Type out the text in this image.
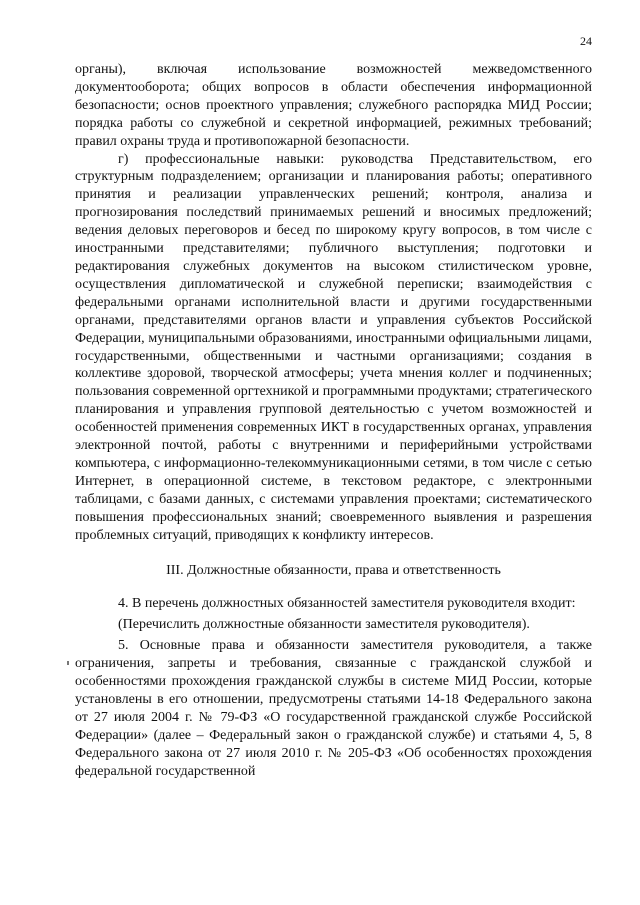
24

органы), включая использование возможностей межведомственного документооборота; общих вопросов в области обеспечения информационной безопасности; основ проектного управления; служебного распорядка МИД России; порядка работы со служебной и секретной информацией, режимных требований; правил охраны труда и противопожарной безопасности.

г) профессиональные навыки: руководства Представительством, его структурным подразделением; организации и планирования работы; оперативного принятия и реализации управленческих решений; контроля, анализа и прогнозирования последствий принимаемых решений и вносимых предложений; ведения деловых переговоров и бесед по широкому кругу вопросов, в том числе с иностранными представителями; публичного выступления; подготовки и редактирования служебных документов на высоком стилистическом уровне, осуществления дипломатической и служебной переписки; взаимодействия с федеральными органами исполнительной власти и другими государственными органами, представителями органов власти и управления субъектов Российской Федерации, муниципальными образованиями, иностранными официальными лицами, государственными, общественными и частными организациями; создания в коллективе здоровой, творческой атмосферы; учета мнения коллег и подчиненных; пользования современной оргтехникой и программными продуктами; стратегического планирования и управления групповой деятельностью с учетом возможностей и особенностей применения современных ИКТ в государственных органах, управления электронной почтой, работы с внутренними и периферийными устройствами компьютера, с информационно-телекоммуникационными сетями, в том числе с сетью Интернет, в операционной системе, в текстовом редакторе, с электронными таблицами, с базами данных, с системами управления проектами; систематического повышения профессиональных знаний; своевременного выявления и разрешения проблемных ситуаций, приводящих к конфликту интересов.

III. Должностные обязанности, права и ответственность

4. В перечень должностных обязанностей заместителя руководителя входит:

(Перечислить должностные обязанности заместителя руководителя).

5. Основные права и обязанности заместителя руководителя, а также ограничения, запреты и требования, связанные с гражданской службой и особенностями прохождения гражданской службы в системе МИД России, которые установлены в его отношении, предусмотрены статьями 14-18 Федерального закона от 27 июля 2004 г. № 79-ФЗ «О государственной гражданской службе Российской Федерации» (далее – Федеральный закон о гражданской службе) и статьями 4, 5, 8 Федерального закона от 27 июля 2010 г. № 205-ФЗ «Об особенностях прохождения федеральной государственной
